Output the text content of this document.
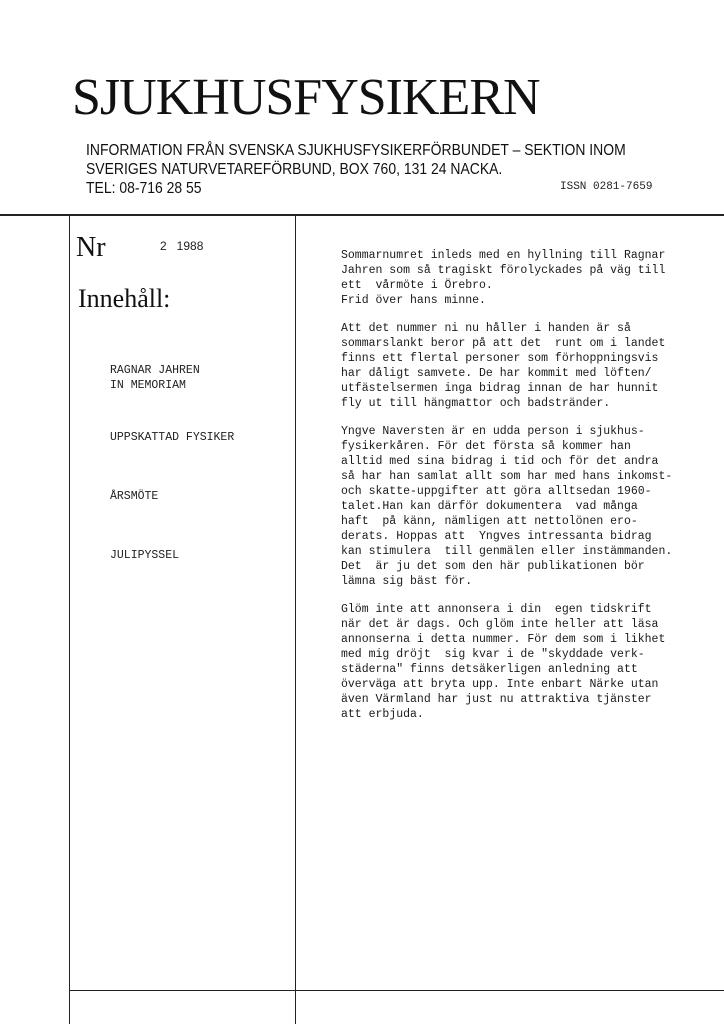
SJUKHUSFYSIKERN
INFORMATION FRÅN SVENSKA SJUKHUSFYSIKERFÖRBUNDET – SEKTION INOM
SVERIGES NATURVETAREFÖRBUND, BOX 760, 131 24 NACKA.
TEL: 08-716 28 55	ISSN 0281-7659
Nr	2   1988
Innehåll:
RAGNAR JAHREN
IN MEMORIAM
UPPSKATTAD FYSIKER
ÅRSMÖTE
JULIPYSSEL
Sommarnumret inleds med en hyllning till Ragnar
Jahren som så tragiskt förolyckades på väg till
ett  vårmöte i Örebro.
Frid över hans minne.
Att det nummer ni nu håller i handen är så
sommarslankt beror på att det  runt om i landet
finns ett flertal personer som förhoppningsvis
har dåligt samvete. De har kommit med löften/
utfästelsermen inga bidrag innan de har hunnit
fly ut till hängmattor och badstränder.
Yngve Naversten är en udda person i sjukhus-
fysikerkåren. För det första så kommer han
alltid med sina bidrag i tid och för det andra
så har han samlat allt som har med hans inkomst-
och skatte-uppgifter att göra alltsedan 1960-
talet.Han kan därför dokumentera  vad många
haft  på känn, nämligen att nettolönen ero-
derats. Hoppas att  Yngves intressanta bidrag
kan stimulera  till genmälen eller instämmanden.
Det  är ju det som den här publikationen bör
lämna sig bäst för.
Glöm inte att annonsera i din  egen tidskrift
när det är dags. Och glöm inte heller att läsa
annonserna i detta nummer. För dem som i likhet
med mig dröjt  sig kvar i de "skyddade verk-
städerna" finns detsäkerligen anledning att
överväga att bryta upp. Inte enbart Närke utan
även Värmland har just nu attraktiva tjänster
att erbjuda.
